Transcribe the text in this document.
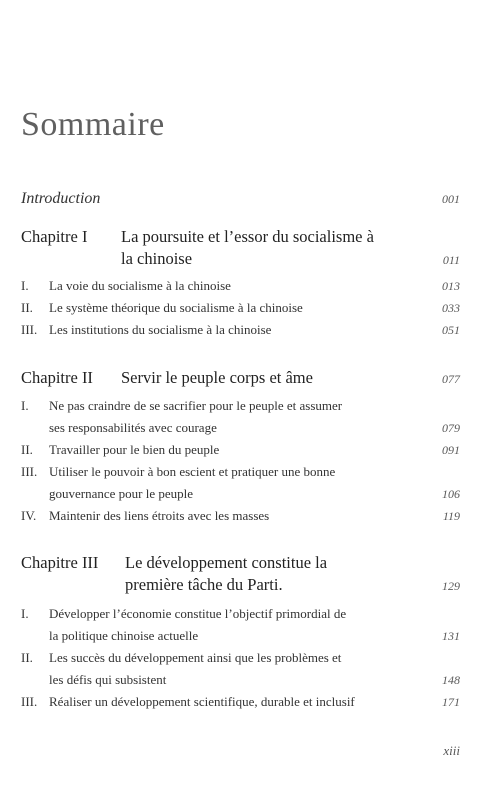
Sommaire
Introduction	001
Chapitre I	La poursuite et l’essor du socialisme à
la chinoise	011
I.	La voie du socialisme à la chinoise	013
II.	Le système théorique du socialisme à la chinoise	033
III. Les institutions du socialisme à la chinoise	051
Chapitre II	Servir le peuple corps et âme	077
I.	Ne pas craindre de se sacrifier pour le peuple et assumer
ses responsabilités avec courage	079
II.	Travailler pour le bien du peuple	091
III. Utiliser le pouvoir à bon escient et pratiquer une bonne
gouvernance pour le peuple	106
IV. Maintenir des liens étroits avec les masses	119
Chapitre III	Le développement constitue la
première tâche du Parti.	129
I.	Développer l’économie constitue l’objectif primordial de
la politique chinoise actuelle	131
II.	Les succès du développement ainsi que les problèmes et
les défis qui subsistent	148
III. Réaliser un développement scientifique, durable et inclusif	171
xiii
